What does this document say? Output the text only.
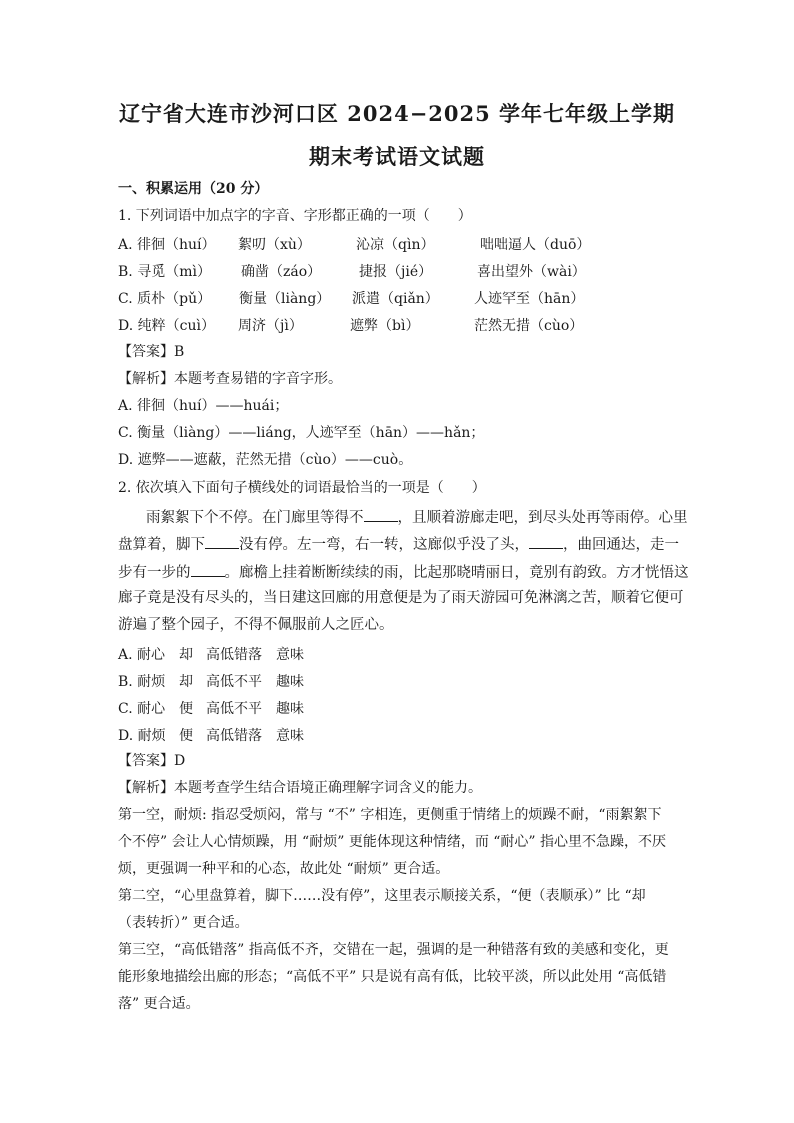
辽宁省大连市沙河口区 2024−2025 学年七年级上学期
期末考试语文试题
一、积累运用（20 分）
1. 下列词语中加点字的字音、字形都正确的一项（　　）
A. 徘徊（huí） 絮叨（xù）	沁凉（qìn）	咄咄逼人（duō）
B. 寻觅（mì） 确凿（záo）	捷报（jié）	喜出望外（wài）
C. 质朴（pǔ） 衡量（liàng） 派遣（qiǎn）	人迹罕至（hān）
D. 纯粹（cuì） 周济（jì）	遮弊（bì）	茫然无措（cùo）
【答案】B
【解析】本题考查易错的字音字形。
A. 徘徊（huí）——huái；
C. 衡量（liàng）——liáng，人迹罕至（hān）——hǎn；
D. 遮弊——遮蔽，茫然无措（cùo）——cuò。
2. 依次填入下面句子横线处的词语最恰当的一项是（　　）
雨絮絮下个不停。在门廊里等得不 ，且顺着游廊走吧，到尽头处再等雨停。心里
盘算着，脚下 没有停。左一弯，右一转，这廊似乎没了头， ，曲回通达，走一
步有一步的 。廊檐上挂着断断续续的雨，比起那晓晴丽日，竟别有韵致。方才恍悟这
廊子竟是没有尽头的，当日建这回廊的用意便是为了雨天游园可免淋漓之苦，顺着它便可
游遍了整个园子，不得不佩服前人之匠心。
A. 耐心 却 高低错落 意味
B. 耐烦 却 高低不平 趣味
C. 耐心 便 高低不平 趣味
D. 耐烦 便 高低错落 意味
【答案】D
【解析】本题考查学生结合语境正确理解字词含义的能力。
第一空，耐烦: 指忍受烦闷，常与 “不” 字相连，更侧重于情绪上的烦躁不耐，“雨絮絮下
个不停” 会让人心情烦躁，用 “耐烦” 更能体现这种情绪，而 “耐心” 指心里不急躁，不厌
烦，更强调一种平和的心态，故此处 “耐烦” 更合适。
第二空，“心里盘算着，脚下……没有停”，这里表示顺接关系，“便（表顺承）” 比 “却
（表转折）” 更合适。
第三空，“高低错落” 指高低不齐，交错在一起，强调的是一种错落有致的美感和变化，更
能形象地描绘出廊的形态；“高低不平” 只是说有高有低，比较平淡，所以此处用 “高低错
落” 更合适。
